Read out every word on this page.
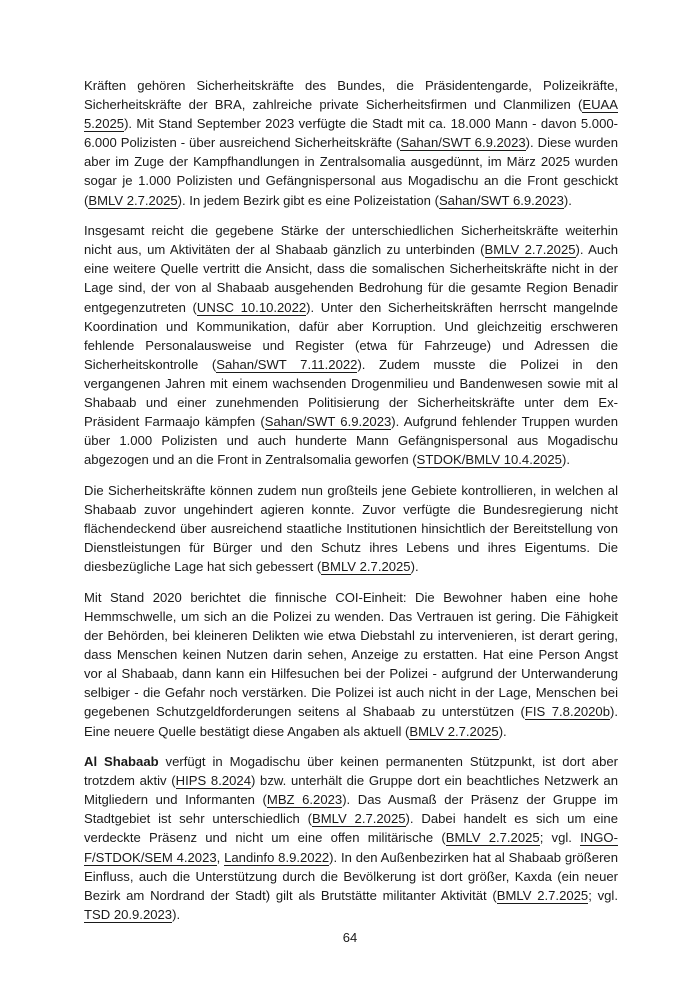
Kräften gehören Sicherheitskräfte des Bundes, die Präsidentengarde, Polizeikräfte, Sicherheitskräfte der BRA, zahlreiche private Sicherheitsfirmen und Clanmilizen (EUAA 5.2025). Mit Stand September 2023 verfügte die Stadt mit ca. 18.000 Mann - davon 5.000-6.000 Polizisten - über ausreichend Sicherheitskräfte (Sahan/SWT 6.9.2023). Diese wurden aber im Zuge der Kampfhandlungen in Zentralsomalia ausgedünnt, im März 2025 wurden sogar je 1.000 Polizisten und Gefängnispersonal aus Mogadischu an die Front geschickt (BMLV 2.7.2025). In jedem Bezirk gibt es eine Polizeistation (Sahan/SWT 6.9.2023).

Insgesamt reicht die gegebene Stärke der unterschiedlichen Sicherheitskräfte weiterhin nicht aus, um Aktivitäten der al Shabaab gänzlich zu unterbinden (BMLV 2.7.2025). Auch eine weitere Quelle vertritt die Ansicht, dass die somalischen Sicherheitskräfte nicht in der Lage sind, der von al Shabaab ausgehenden Bedrohung für die gesamte Region Benadir entgegenzutreten (UNSC 10.10.2022). Unter den Sicherheitskräften herrscht mangelnde Koordination und Kommunikation, dafür aber Korruption. Und gleichzeitig erschweren fehlende Personalausweise und Register (etwa für Fahrzeuge) und Adressen die Sicherheitskontrolle (Sahan/SWT 7.11.2022). Zudem musste die Polizei in den vergangenen Jahren mit einem wachsenden Drogenmilieu und Bandenwesen sowie mit al Shabaab und einer zunehmenden Politisierung der Sicherheitskräfte unter dem Ex-Präsident Farmaajo kämpfen (Sahan/SWT 6.9.2023). Aufgrund fehlender Truppen wurden über 1.000 Polizisten und auch hunderte Mann Gefängnispersonal aus Mogadischu abgezogen und an die Front in Zentralsomalia geworfen (STDOK/BMLV 10.4.2025).

Die Sicherheitskräfte können zudem nun großteils jene Gebiete kontrollieren, in welchen al Shabaab zuvor ungehindert agieren konnte. Zuvor verfügte die Bundesregierung nicht flächendeckend über ausreichend staatliche Institutionen hinsichtlich der Bereitstellung von Dienstleistungen für Bürger und den Schutz ihres Lebens und ihres Eigentums. Die diesbezügliche Lage hat sich gebessert (BMLV 2.7.2025).

Mit Stand 2020 berichtet die finnische COI-Einheit: Die Bewohner haben eine hohe Hemmschwelle, um sich an die Polizei zu wenden. Das Vertrauen ist gering. Die Fähigkeit der Behörden, bei kleineren Delikten wie etwa Diebstahl zu intervenieren, ist derart gering, dass Menschen keinen Nutzen darin sehen, Anzeige zu erstatten. Hat eine Person Angst vor al Shabaab, dann kann ein Hilfesuchen bei der Polizei - aufgrund der Unterwanderung selbiger - die Gefahr noch verstärken. Die Polizei ist auch nicht in der Lage, Menschen bei gegebenen Schutzgeldforderungen seitens al Shabaab zu unterstützen (FIS 7.8.2020b). Eine neuere Quelle bestätigt diese Angaben als aktuell (BMLV 2.7.2025).

Al Shabaab verfügt in Mogadischu über keinen permanenten Stützpunkt, ist dort aber trotzdem aktiv (HIPS 8.2024) bzw. unterhält die Gruppe dort ein beachtliches Netzwerk an Mitgliedern und Informanten (MBZ 6.2023). Das Ausmaß der Präsenz der Gruppe im Stadtgebiet ist sehr unterschiedlich (BMLV 2.7.2025). Dabei handelt es sich um eine verdeckte Präsenz und nicht um eine offen militärische (BMLV 2.7.2025; vgl. INGO-F/STDOK/SEM 4.2023, Landinfo 8.9.2022). In den Außenbezirken hat al Shabaab größeren Einfluss, auch die Unterstützung durch die Bevölkerung ist dort größer, Kaxda (ein neuer Bezirk am Nordrand der Stadt) gilt als Brutstätte militanter Aktivität (BMLV 2.7.2025; vgl. TSD 20.9.2023).

64
